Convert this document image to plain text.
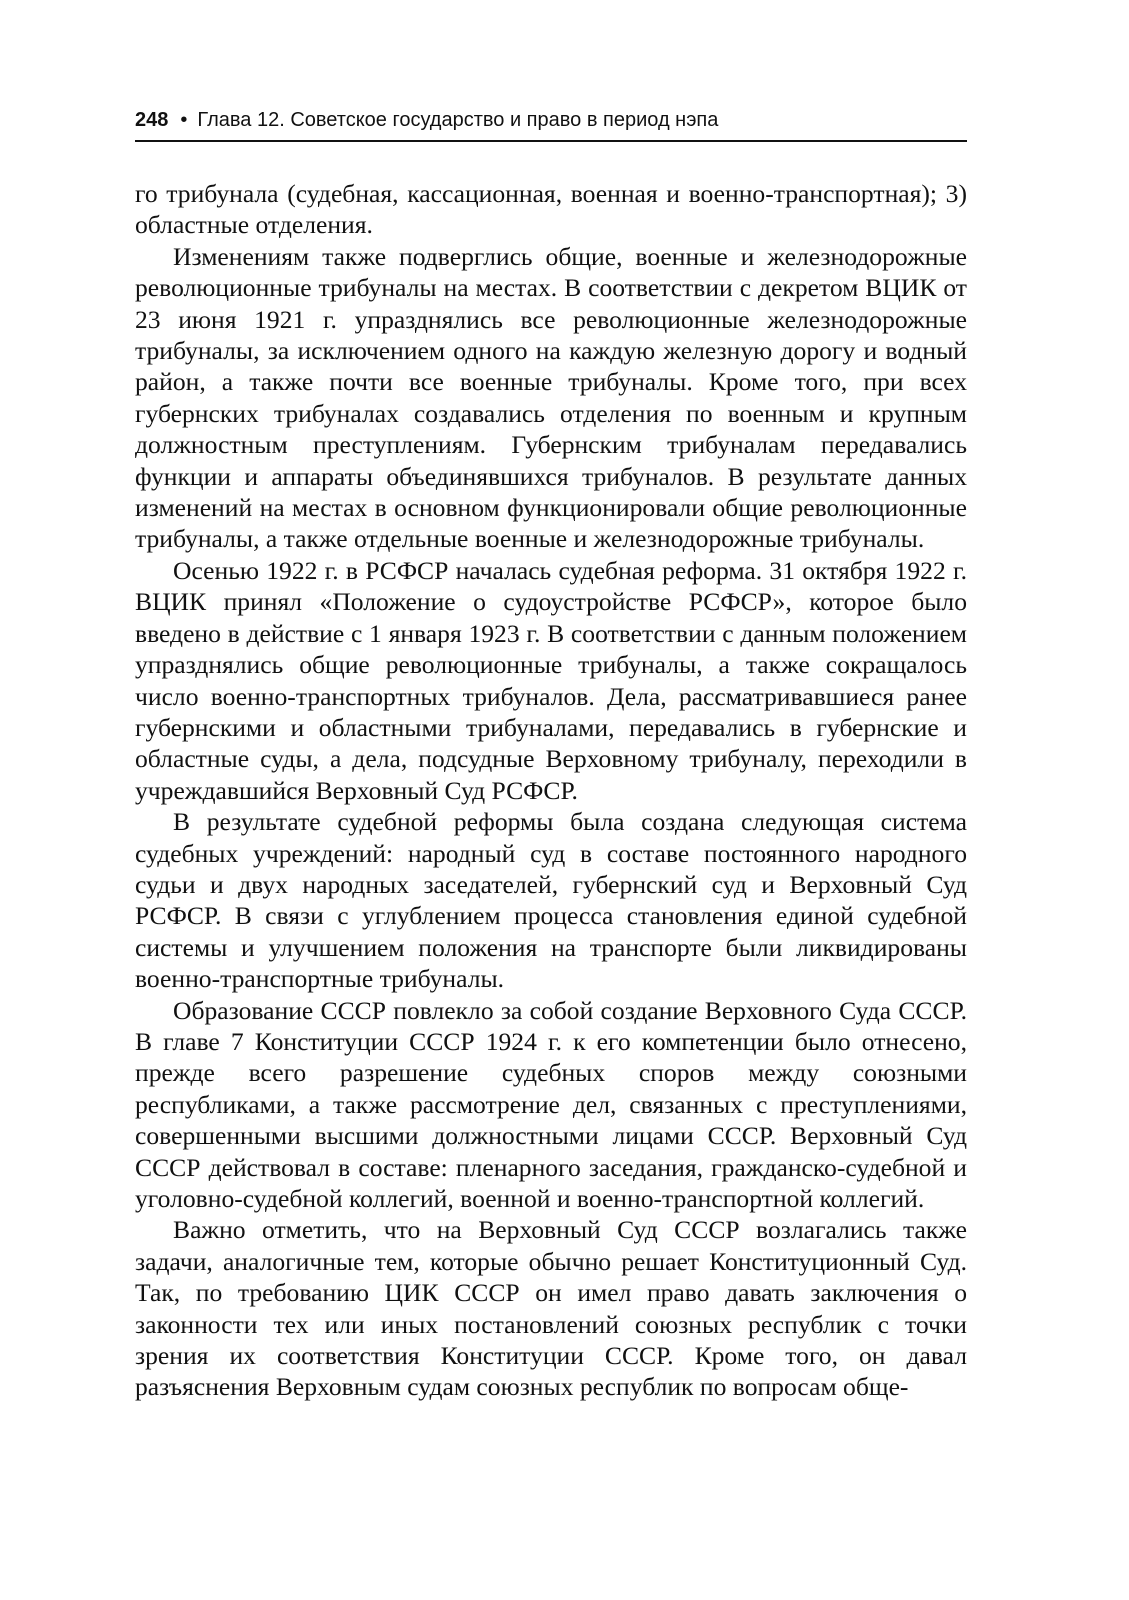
248 • Глава 12. Советское государство и право в период нэпа

го трибунала (судебная, кассационная, военная и военно-транспортная); 3) областные отделения.

Изменениям также подверглись общие, военные и железнодорожные революционные трибуналы на местах. В соответствии с декретом ВЦИК от 23 июня 1921 г. упразднялись все революционные железнодорожные трибуналы, за исключением одного на каждую железную дорогу и водный район, а также почти все военные трибуналы. Кроме того, при всех губернских трибуналах создавались отделения по военным и крупным должностным преступлениям. Губернским трибуналам передавались функции и аппараты объединявшихся трибуналов. В результате данных изменений на местах в основном функционировали общие революционные трибуналы, а также отдельные военные и железнодорожные трибуналы.

Осенью 1922 г. в РСФСР началась судебная реформа. 31 октября 1922 г. ВЦИК принял «Положение о судоустройстве РСФСР», которое было введено в действие с 1 января 1923 г. В соответствии с данным положением упразднялись общие революционные трибуналы, а также сокращалось число военно-транспортных трибуналов. Дела, рассматривавшиеся ранее губернскими и областными трибуналами, передавались в губернские и областные суды, а дела, подсудные Верховному трибуналу, переходили в учреждавшийся Верховный Суд РСФСР.

В результате судебной реформы была создана следующая система судебных учреждений: народный суд в составе постоянного народного судьи и двух народных заседателей, губернский суд и Верховный Суд РСФСР. В связи с углублением процесса становления единой судебной системы и улучшением положения на транспорте были ликвидированы военно-транспортные трибуналы.

Образование СССР повлекло за собой создание Верховного Суда СССР. В главе 7 Конституции СССР 1924 г. к его компетенции было отнесено, прежде всего разрешение судебных споров между союзными республиками, а также рассмотрение дел, связанных с преступлениями, совершенными высшими должностными лицами СССР. Верховный Суд СССР действовал в составе: пленарного заседания, гражданско-судебной и уголовно-судебной коллегий, военной и военно-транспортной коллегий.

Важно отметить, что на Верховный Суд СССР возлагались также задачи, аналогичные тем, которые обычно решает Конституционный Суд. Так, по требованию ЦИК СССР он имел право давать заключения о законности тех или иных постановлений союзных республик с точки зрения их соответствия Конституции СССР. Кроме того, он давал разъяснения Верховным судам союзных республик по вопросам обще-
